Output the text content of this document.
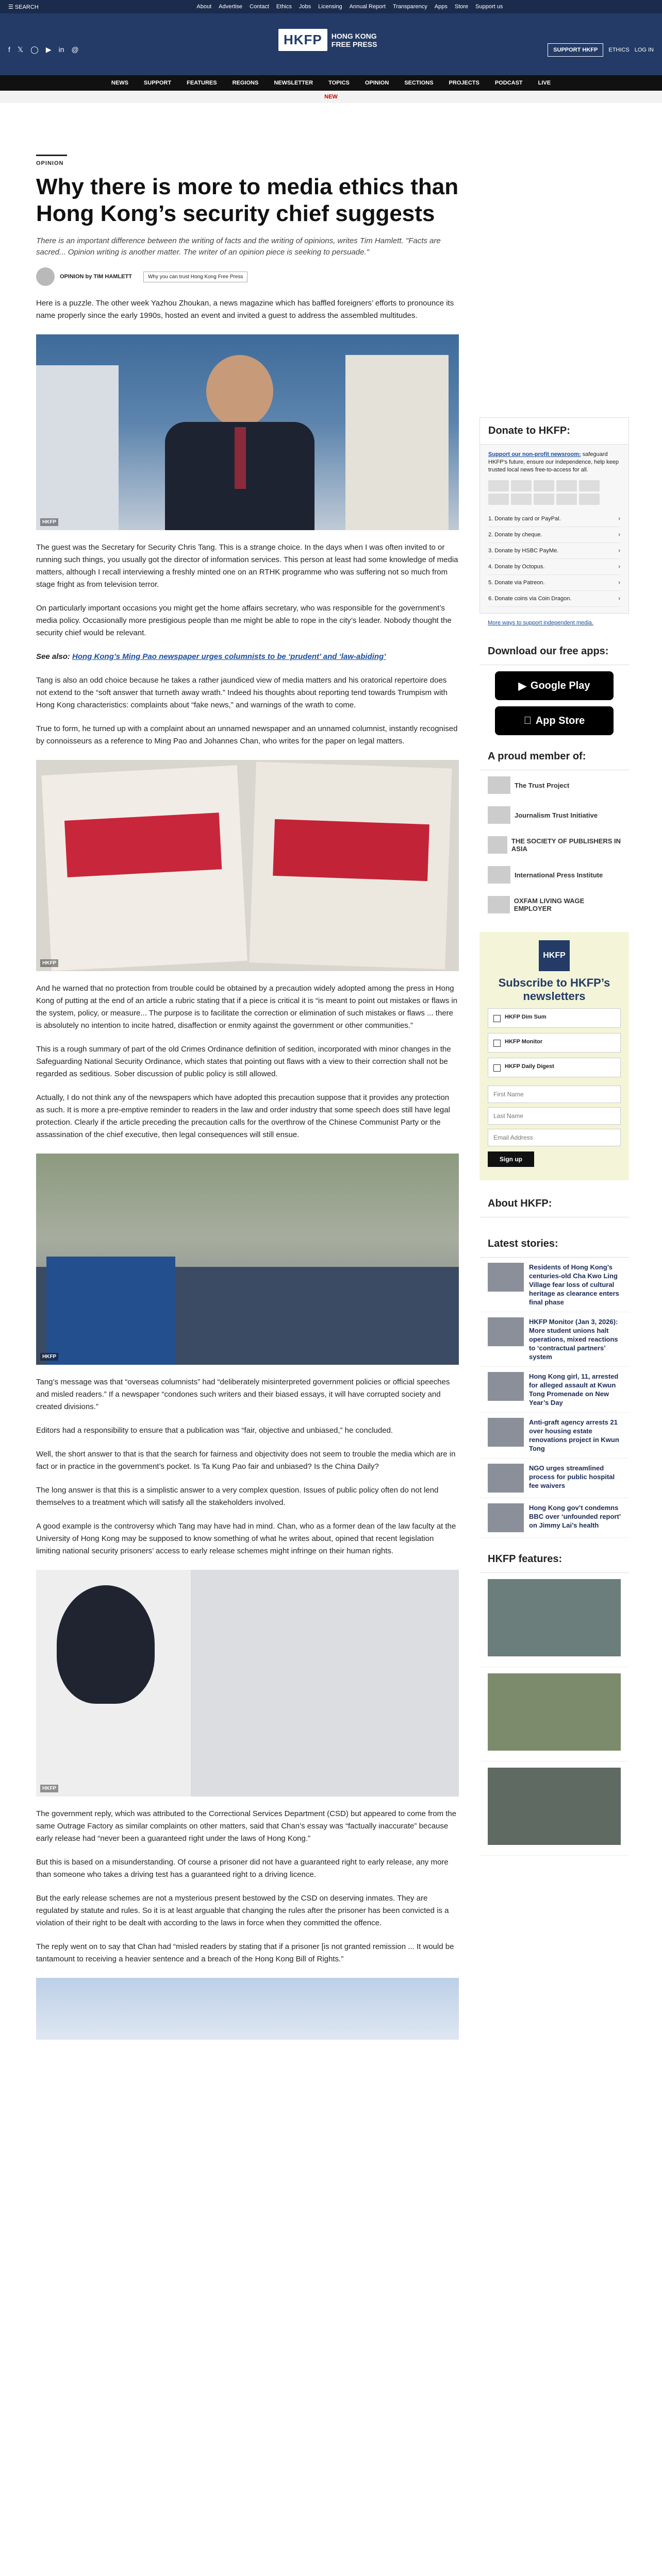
☰ SEARCH	About Advertise Contact Ethics Jobs Licensing Annual Report Transparency Apps Store Support us
f 𝕏 ◯ ▶ in @
HKFP	HONG KONG
FREE PRESS
SUPPORT HKFP	ETHICS LOG IN
NEWS	SUPPORT	FEATURES	REGIONS	NEWSLETTER	TOPICS	OPINION	SECTIONS	PROJECTS	PODCAST	LIVE
NEW
OPINION
Why there is more to media ethics than Hong Kong’s security chief suggests

There is an important difference between the writing of facts and the writing of opinions, writes Tim Hamlett. "Facts are sacred... Opinion writing is another matter. The writer of an opinion piece is seeking to persuade."

OPINION by TIM HAMLETT	Why you can trust Hong Kong Free Press

Here is a puzzle. The other week Yazhou Zhoukan, a news magazine which has baffled foreigners’ efforts to pronounce its name properly since the early 1990s, hosted an event and invited a guest to address the assembled multitudes.

HKFP

The guest was the Secretary for Security Chris Tang. This is a strange choice. In the days when I was often invited to or running such things, you usually got the director of information services. This person at least had some knowledge of media matters, although I recall interviewing a freshly minted one on an RTHK programme who was suffering not so much from stage fright as from television terror.

On particularly important occasions you might get the home affairs secretary, who was responsible for the government’s media policy. Occasionally more prestigious people than me might be able to rope in the city’s leader. Nobody thought the security chief would be relevant.

See also: Hong Kong’s Ming Pao newspaper urges columnists to be ‘prudent’ and ‘law-abiding’

Tang is also an odd choice because he takes a rather jaundiced view of media matters and his oratorical repertoire does not extend to the “soft answer that turneth away wrath.” Indeed his thoughts about reporting tend towards Trumpism with Hong Kong characteristics: complaints about “fake news,” and warnings of the wrath to come.

True to form, he turned up with a complaint about an unnamed newspaper and an unnamed columnist, instantly recognised by connoisseurs as a reference to Ming Pao and Johannes Chan, who writes for the paper on legal matters.

HKFP

And he warned that no protection from trouble could be obtained by a precaution widely adopted among the press in Hong Kong of putting at the end of an article a rubric stating that if a piece is critical it is “is meant to point out mistakes or flaws in the system, policy, or measure... The purpose is to facilitate the correction or elimination of such mistakes or flaws ... there is absolutely no intention to incite hatred, disaffection or enmity against the government or other communities.”

This is a rough summary of part of the old Crimes Ordinance definition of sedition, incorporated with minor changes in the Safeguarding National Security Ordinance, which states that pointing out flaws with a view to their correction shall not be regarded as seditious. Sober discussion of public policy is still allowed.

Actually, I do not think any of the newspapers which have adopted this precaution suppose that it provides any protection as such. It is more a pre-emptive reminder to readers in the law and order industry that some speech does still have legal protection. Clearly if the article preceding the precaution calls for the overthrow of the Chinese Communist Party or the assassination of the chief executive, then legal consequences will still ensue.

HKFP

Tang’s message was that “overseas columnists” had “deliberately misinterpreted government policies or official speeches and misled readers.” If a newspaper “condones such writers and their biased essays, it will have corrupted society and created divisions.”

Editors had a responsibility to ensure that a publication was “fair, objective and unbiased,” he concluded.

Well, the short answer to that is that the search for fairness and objectivity does not seem to trouble the media which are in fact or in practice in the government’s pocket. Is Ta Kung Pao fair and unbiased? Is the China Daily?

The long answer is that this is a simplistic answer to a very complex question. Issues of public policy often do not lend themselves to a treatment which will satisfy all the stakeholders involved.

A good example is the controversy which Tang may have had in mind. Chan, who as a former dean of the law faculty at the University of Hong Kong may be supposed to know something of what he writes about, opined that recent legislation limiting national security prisoners’ access to early release schemes might infringe on their human rights.

HKFP

The government reply, which was attributed to the Correctional Services Department (CSD) but appeared to come from the same Outrage Factory as similar complaints on other matters, said that Chan’s essay was “factually inaccurate” because early release had “never been a guaranteed right under the laws of Hong Kong.”

But this is based on a misunderstanding. Of course a prisoner did not have a guaranteed right to early release, any more than someone who takes a driving test has a guaranteed right to a driving licence.

But the early release schemes are not a mysterious present bestowed by the CSD on deserving inmates. They are regulated by statute and rules. So it is at least arguable that changing the rules after the prisoner has been convicted is a violation of their right to be dealt with according to the laws in force when they committed the offence.

The reply went on to say that Chan had “misled readers by stating that if a prisoner [is not granted remission ... It would be tantamount to receiving a heavier sentence and a breach of the Hong Kong Bill of Rights.”

Donate to HKFP:

Support our non-profit newsroom: safeguard HKFP’s future, ensure our independence, help keep trusted local news free-to-access for all.

1. Donate by card or PayPal.	›
2. Donate by cheque.	›
3. Donate by HSBC PayMe.	›
4. Donate by Octopus.	›
5. Donate via Patreon.	›
6. Donate coins via Coin Dragon.	›
More ways to support independent media.
Download our free apps:
▶ Google Play
App Store
A proud member of:
The Trust Project
Journalism Trust Initiative
THE SOCIETY OF PUBLISHERS IN ASIA
International Press Institute
OXFAM LIVING WAGE EMPLOYER
HKFP
Subscribe to HKFP’s newsletters
HKFP Dim Sum

HKFP Monitor

HKFP Daily Digest

First Name
Last Name
Email Address
Sign up

About HKFP:
Latest stories:
Residents of Hong Kong’s centuries-old Cha Kwo Ling Village fear loss of cultural heritage as clearance enters final phase
HKFP Monitor (Jan 3, 2026): More student unions halt operations, mixed reactions to ‘contractual partners’ system
Hong Kong girl, 11, arrested for alleged assault at Kwun Tong Promenade on New Year’s Day
Anti-graft agency arrests 21 over housing estate renovations project in Kwun Tong
NGO urges streamlined process for public hospital fee waivers
Hong Kong gov’t condemns BBC over ‘unfounded report’ on Jimmy Lai’s health
HKFP features:
